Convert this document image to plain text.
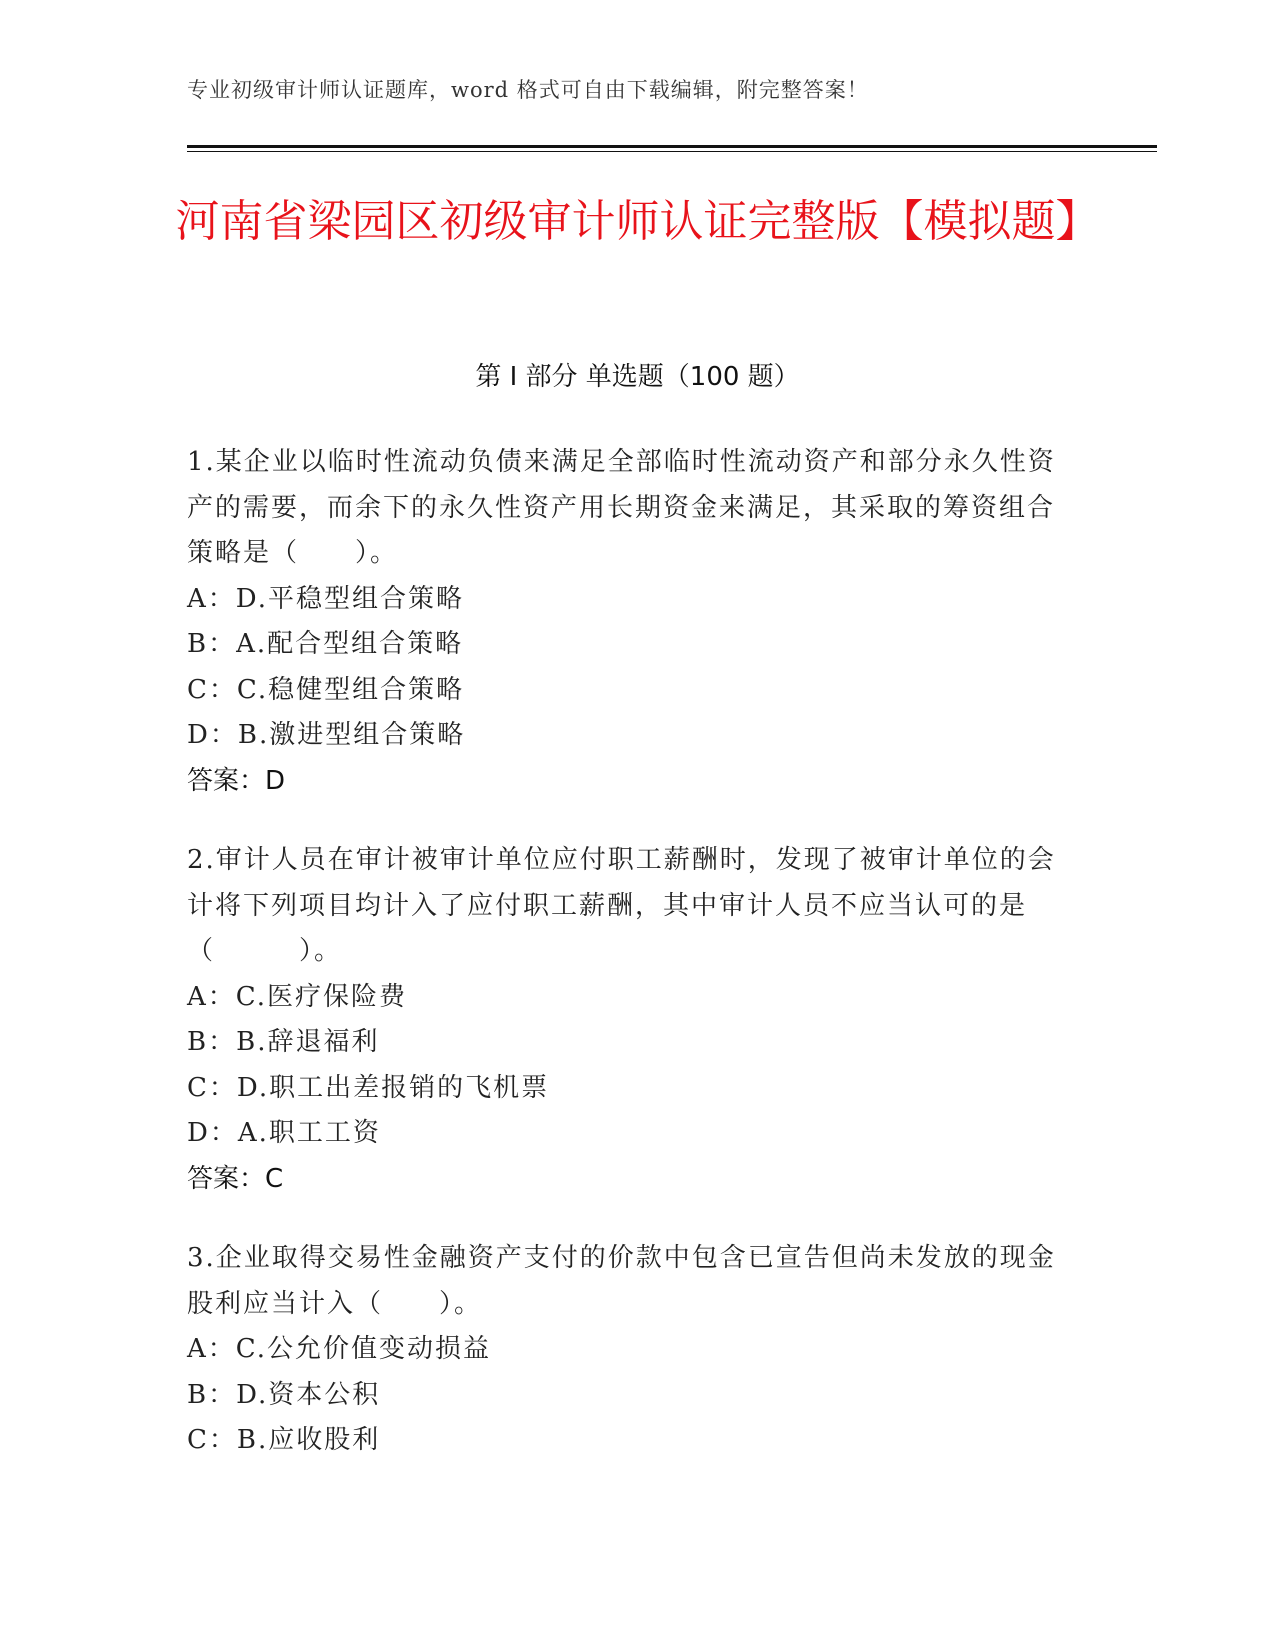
专业初级审计师认证题库，word 格式可自由下载编辑，附完整答案！
河南省梁园区初级审计师认证完整版【模拟题】
第 I 部分 单选题（100 题）
1.某企业以临时性流动负债来满足全部临时性流动资产和部分永久性资产的需要，而余下的永久性资产用长期资金来满足，其采取的筹资组合策略是（　　）。
A：D.平稳型组合策略
B：A.配合型组合策略
C：C.稳健型组合策略
D：B.激进型组合策略
答案：D
2.审计人员在审计被审计单位应付职工薪酬时，发现了被审计单位的会计将下列项目均计入了应付职工薪酬，其中审计人员不应当认可的是（　　　）。
A：C.医疗保险费
B：B.辞退福利
C：D.职工出差报销的飞机票
D：A.职工工资
答案：C
3.企业取得交易性金融资产支付的价款中包含已宣告但尚未发放的现金股利应当计入（　　）。
A：C.公允价值变动损益
B：D.资本公积
C：B.应收股利
